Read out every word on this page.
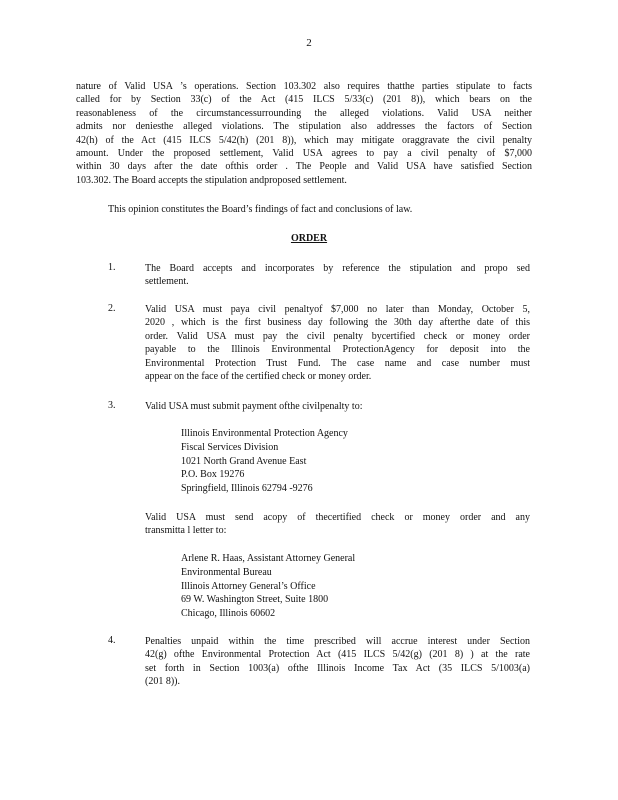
2
nature of Valid USA ’s operations. Section 103.302 also requires thatthe parties stipulate to facts
called for by Section 33(c) of the Act (415 ILCS 5/33(c) (201 8)), which bears on the
reasonableness of the circumstancessurrounding the alleged violations. Valid USA neither
admits nor deniesthe alleged violations. The stipulation also addresses the factors of Section
42(h) of the Act (415 ILCS 5/42(h) (201 8)), which may mitigate oraggravate the civil penalty
amount. Under the proposed settlement, Valid USA agrees to pay a civil penalty of $7,000
within 30 days after the date ofthis order . The People and Valid USA have satisfied Section
103.302. The Board accepts the stipulation andproposed settlement.
This opinion constitutes the Board’s findings of fact and conclusions of law.
ORDER
1.	The Board accepts and incorporates by reference the stipulation and propo sed
settlement.
2.	Valid USA must paya civil penaltyof $7,000 no later than Monday, October 5,
2020 , which is the first business day following the 30th day afterthe date of this
order. Valid USA must pay the civil penalty bycertified check or money order
payable to the Illinois Environmental ProtectionAgency for deposit into the
Environmental Protection Trust Fund. The case name and case number must
appear on the face of the certified check or money order.
3.	Valid USA must submit payment ofthe civilpenalty to:
Illinois Environmental Protection Agency
Fiscal Services Division
1021 North Grand Avenue East
P.O. Box 19276
Springfield, Illinois 62794 -9276
Valid USA must send acopy of thecertified check or money order and any
transmitta l letter to:
Arlene R. Haas, Assistant Attorney General
Environmental Bureau
Illinois Attorney General’s Office
69 W. Washington Street, Suite 1800
Chicago, Illinois 60602
4.	Penalties unpaid within the time prescribed will accrue interest under Section
42(g) ofthe Environmental Protection Act (415 ILCS 5/42(g) (201 8) ) at the rate
set forth in Section 1003(a) ofthe Illinois Income Tax Act (35 ILCS 5/1003(a)
(201 8)).
